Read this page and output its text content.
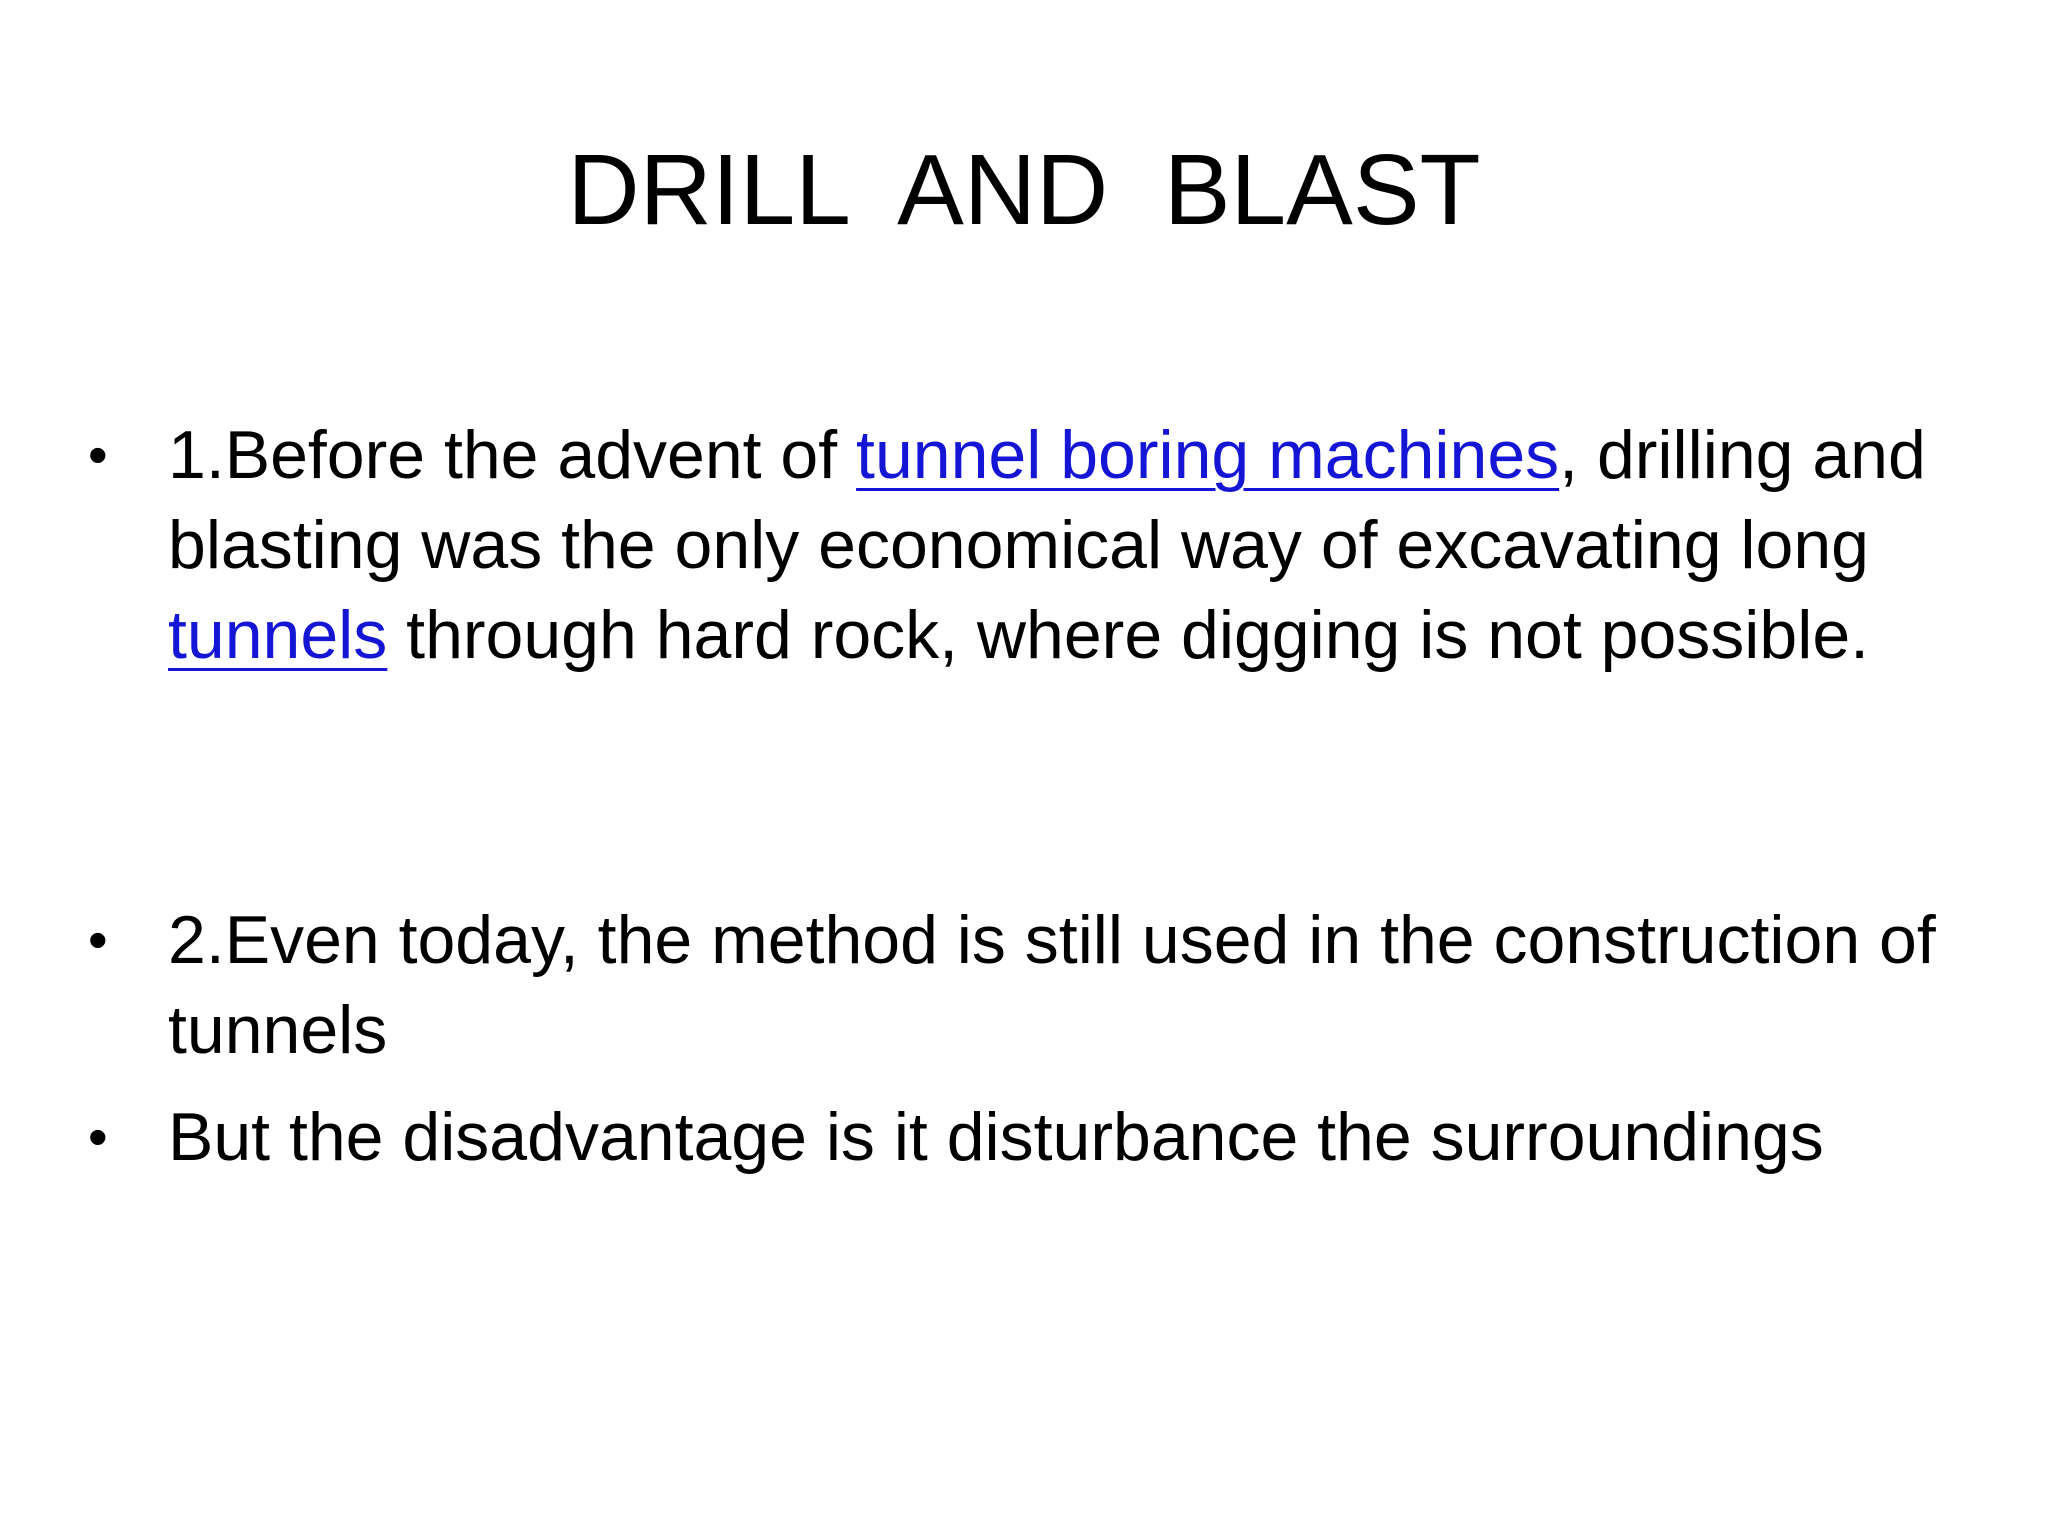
DRILL  AND  BLAST
• 1.Before the advent of tunnel boring machines, drilling and blasting was the only economical way of excavating long tunnels through hard rock, where digging is not possible.
• 2.Even today, the method is still used in the construction of tunnels
• But the disadvantage is it disturbance the surroundings
